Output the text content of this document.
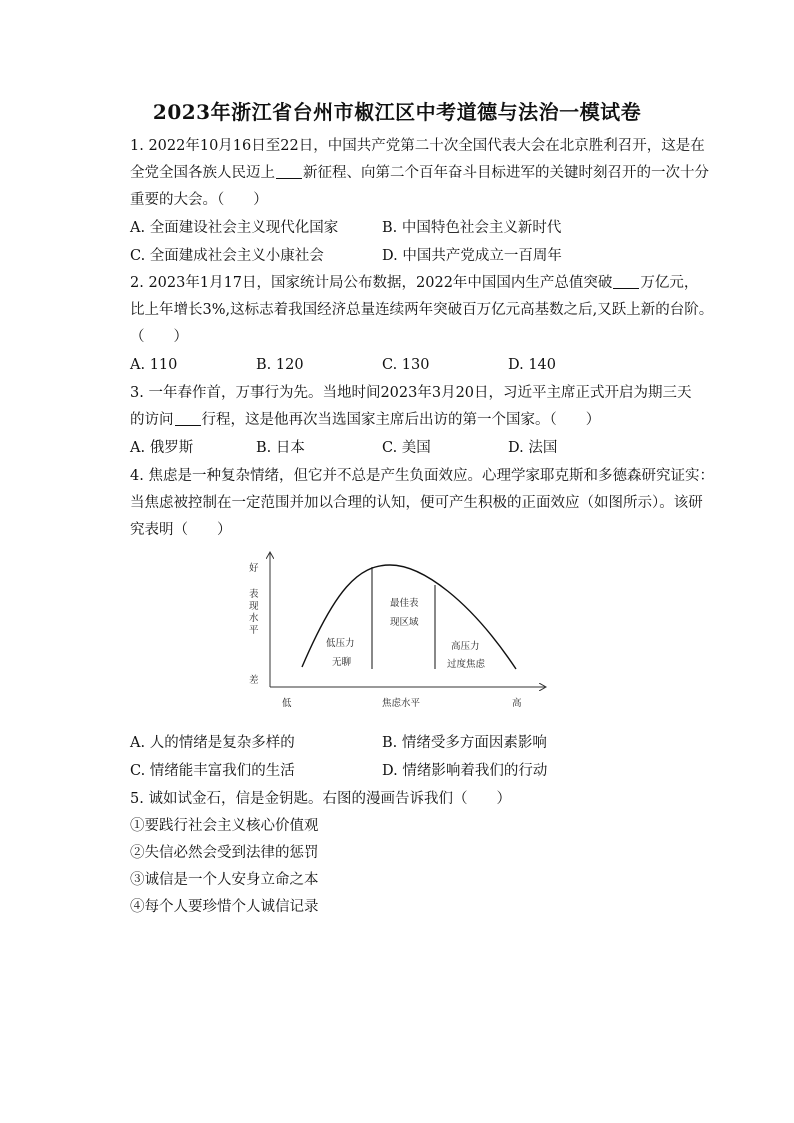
2023年浙江省台州市椒江区中考道德与法治一模试卷
1. 2022年10月16日至22日，中国共产党第二十次全国代表大会在北京胜利召开，这是在
全党全国各族人民迈上 新征程、向第二个百年奋斗目标进军的关键时刻召开的一次十分
重要的大会。（　　）
A. 全面建设社会主义现代化国家	B. 中国特色社会主义新时代
C. 全面建成社会主义小康社会	D. 中国共产党成立一百周年
2. 2023年1月17日，国家统计局公布数据，2022年中国国内生产总值突破 万亿元，
比上年增长3%,这标志着我国经济总量连续两年突破百万亿元高基数之后,又跃上新的台阶。
（　　）
A. 110	B. 120	C. 130	D. 140
3. 一年春作首，万事行为先。当地时间2023年3月20日，习近平主席正式开启为期三天
的访问 行程，这是他再次当选国家主席后出访的第一个国家。（　　）
A. 俄罗斯	B. 日本	C. 美国	D. 法国
4. 焦虑是一种复杂情绪，但它并不总是产生负面效应。心理学家耶克斯和多德森研究证实：
当焦虑被控制在一定范围并加以合理的认知，便可产生积极的正面效应（如图所示）。该研
究表明（　　）
好
表
现
水
平
差
低	焦虑水平	高
低压力
无聊
最佳表
现区域
高压力
过度焦虑
A. 人的情绪是复杂多样的	B. 情绪受多方面因素影响
C. 情绪能丰富我们的生活	D. 情绪影响着我们的行动
5. 诚如试金石，信是金钥匙。右图的漫画告诉我们（　　）
①要践行社会主义核心价值观
②失信必然会受到法律的惩罚
③诚信是一个人安身立命之本
④每个人要珍惜个人诚信记录
